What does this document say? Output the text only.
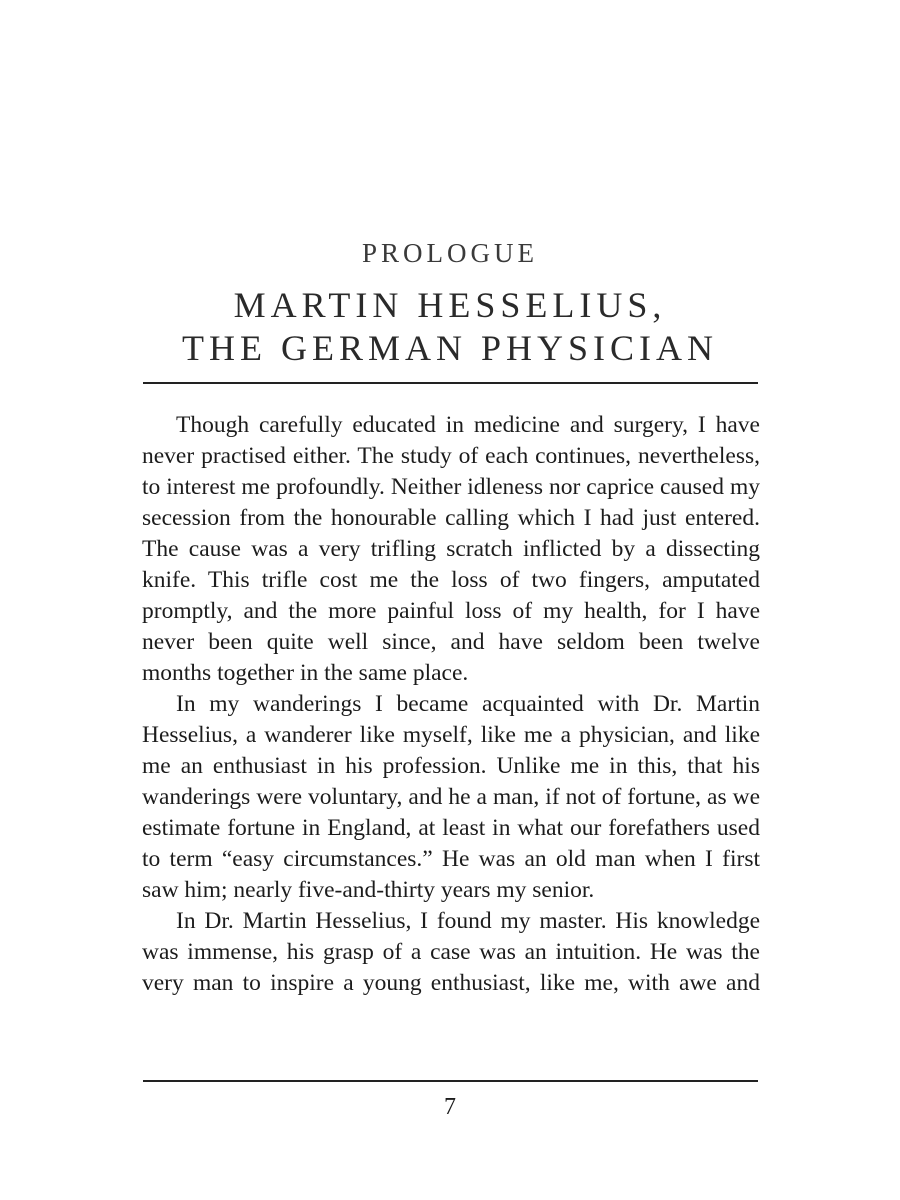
PROLOGUE
MARTIN HESSELIUS,
THE GERMAN PHYSICIAN

Though carefully educated in medicine and surgery, I have never practised either. The study of each continues, nevertheless, to interest me profoundly. Neither idleness nor caprice caused my secession from the honourable calling which I had just entered. The cause was a very trifling scratch inflicted by a dissecting knife. This trifle cost me the loss of two fingers, amputated promptly, and the more painful loss of my health, for I have never been quite well since, and have seldom been twelve months together in the same place.

In my wanderings I became acquainted with Dr. Martin Hesselius, a wanderer like myself, like me a physician, and like me an enthusiast in his profession. Unlike me in this, that his wanderings were voluntary, and he a man, if not of fortune, as we estimate fortune in England, at least in what our forefathers used to term “easy circumstances.” He was an old man when I first saw him; nearly five-and-thirty years my senior.

In Dr. Martin Hesselius, I found my master. His knowledge was immense, his grasp of a case was an intuition. He was the very man to inspire a young enthusiast, like me, with awe and

7
